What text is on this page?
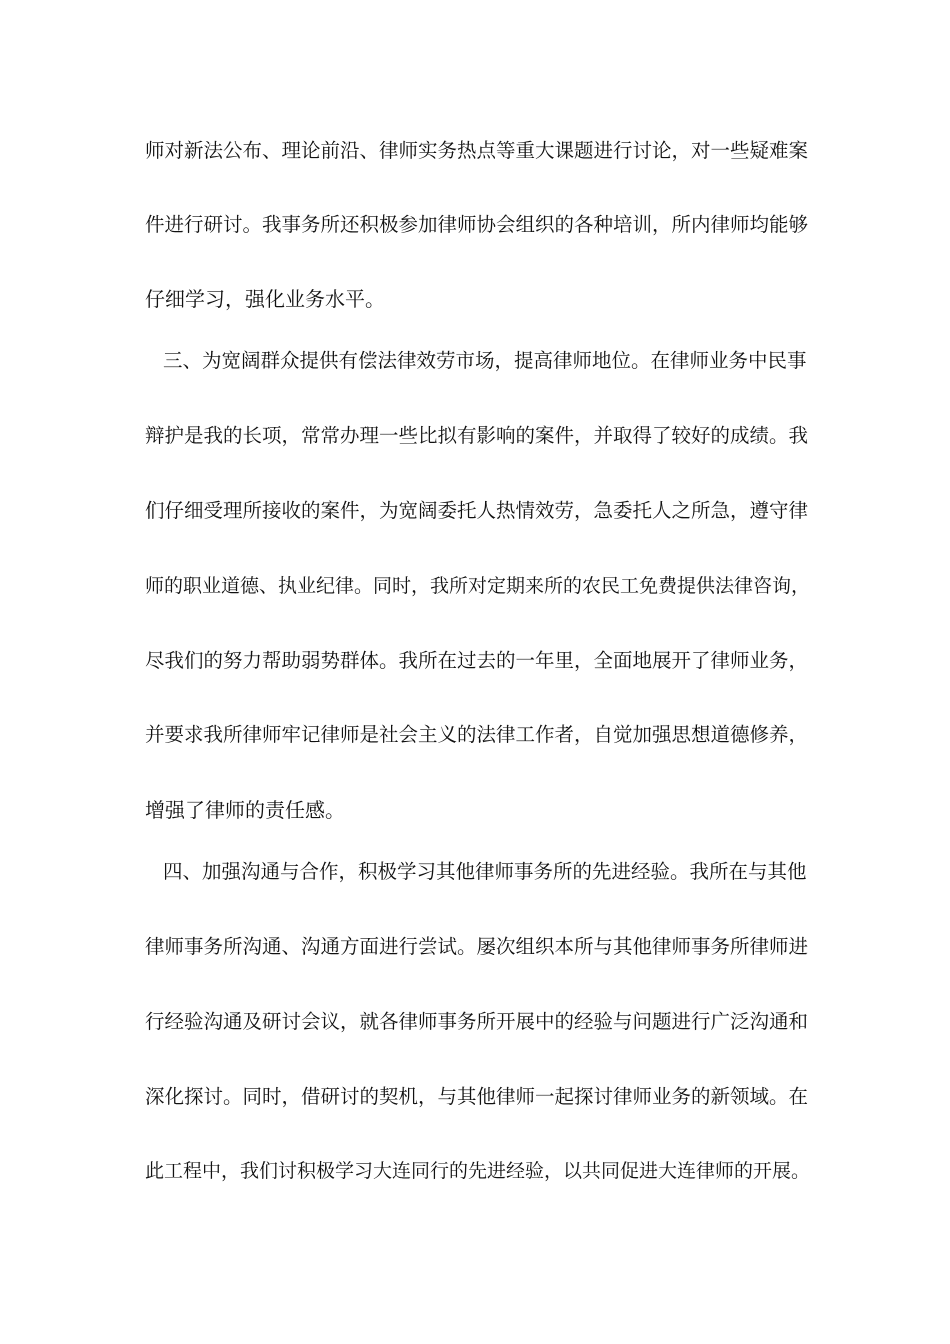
师对新法公布、理论前沿、律师实务热点等重大课题进行讨论，对一些疑难案
件进行研讨。我事务所还积极参加律师协会组织的各种培训，所内律师均能够
仔细学习，强化业务水平。
三、为宽阔群众提供有偿法律效劳市场，提高律师地位。在律师业务中民事
辩护是我的长项，常常办理一些比拟有影响的案件，并取得了较好的成绩。我
们仔细受理所接收的案件，为宽阔委托人热情效劳，急委托人之所急，遵守律
师的职业道德、执业纪律。同时，我所对定期来所的农民工免费提供法律咨询，
尽我们的努力帮助弱势群体。我所在过去的一年里，全面地展开了律师业务，
并要求我所律师牢记律师是社会主义的法律工作者，自觉加强思想道德修养，
增强了律师的责任感。
四、加强沟通与合作，积极学习其他律师事务所的先进经验。我所在与其他
律师事务所沟通、沟通方面进行尝试。屡次组织本所与其他律师事务所律师进
行经验沟通及研讨会议，就各律师事务所开展中的经验与问题进行广泛沟通和
深化探讨。同时，借研讨的契机，与其他律师一起探讨律师业务的新领域。在
此工程中，我们讨积极学习大连同行的先进经验，以共同促进大连律师的开展。
